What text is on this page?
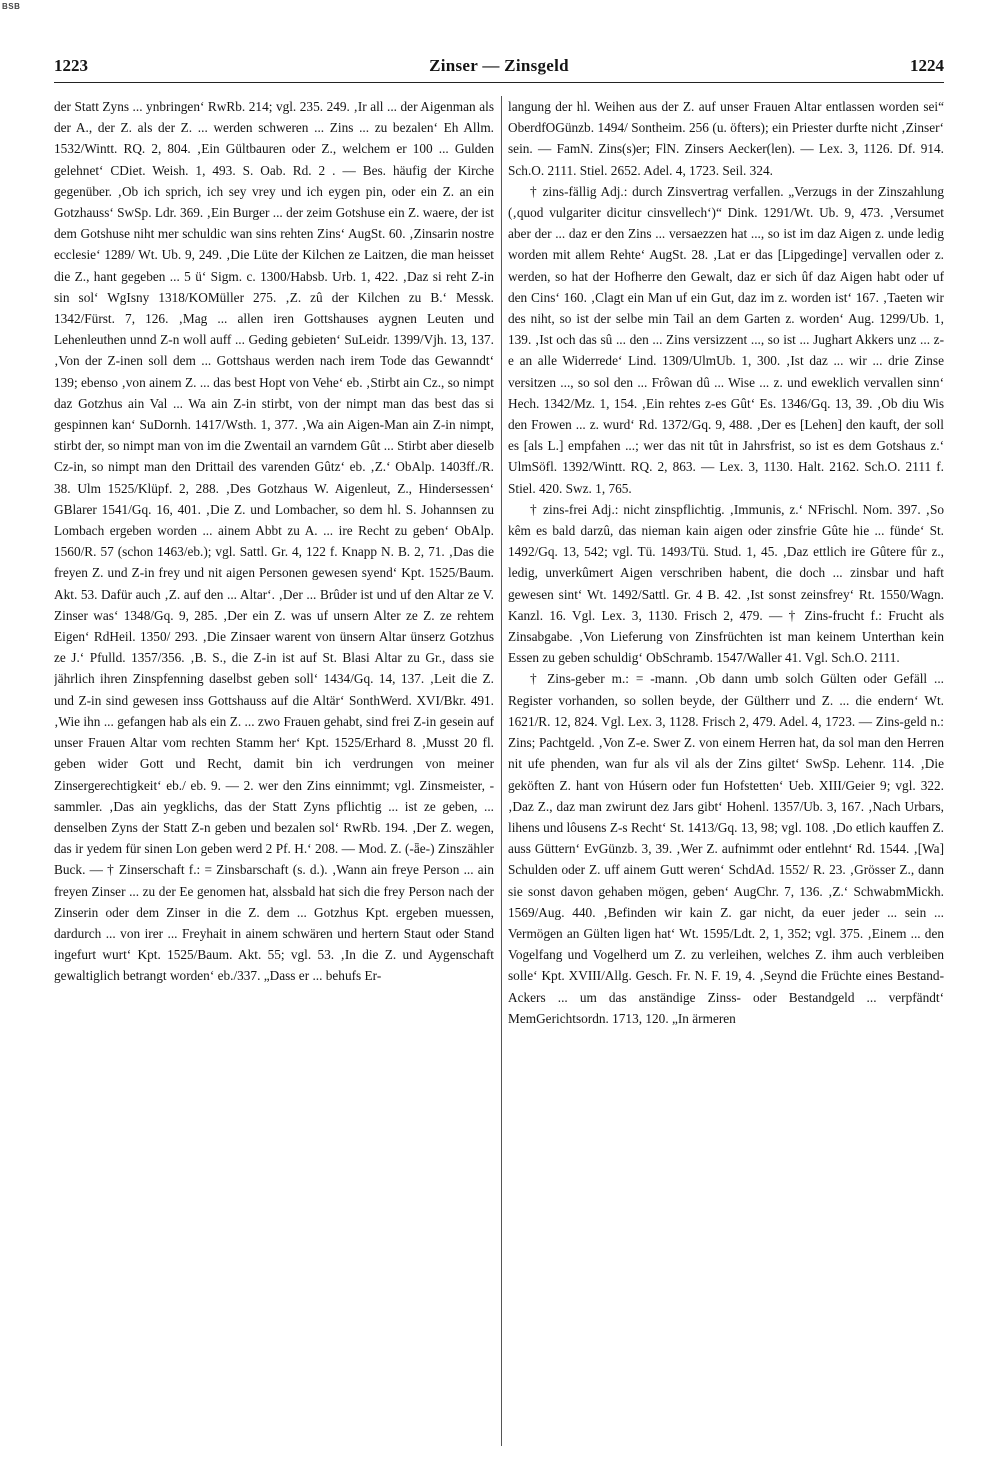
BSB
1223	Zinser — Zinsgeld	1224

der Statt Zyns ... ynbringen‘ RwRb. 214; vgl. 235. 249. ‚Ir all ... der Aigenman als der A., der Z. als der Z. ... werden schweren ... Zins ... zu bezalen‘ Eh Allm. 1532/Wintt. RQ. 2, 804. ‚Ein Gültbauren oder Z., welchem er 100 ... Gulden gelehnet‘ CDiet. Weish. 1, 493. S. Oab. Rd. 2 . — Bes. häufig der Kirche gegenüber. ‚Ob ich sprich, ich sey vrey und ich eygen pin, oder ein Z. an ein Gotzhauss‘ SwSp. Ldr. 369. ‚Ein Burger ... der zeim Gotshuse ein Z. waere, der ist dem Gotshuse niht mer schuldic wan sins rehten Zins‘ AugSt. 60. ‚Zinsarin nostre ecclesie‘ 1289/ Wt. Ub. 9, 249. ‚Die Lüte der Kilchen ze Laitzen, die man heisset die Z., hant gegeben ... 5 ü‘ Sigm. c. 1300/Habsb. Urb. 1, 422. ‚Daz si reht Z-in sin sol‘ WgIsny 1318/KOMüller 275. ‚Z. zû der Kilchen zu B.‘ Messk. 1342/Fürst. 7, 126. ‚Mag ... allen iren Gottshauses aygnen Leuten und Lehenleuthen unnd Z-n woll auff ... Geding gebieten‘ SuLeidr. 1399/Vjh. 13, 137. ‚Von der Z-inen soll dem ... Gottshaus werden nach irem Tode das Gewanndt‘ 139; ebenso ‚von ainem Z. ... das best Hopt von Vehe‘ eb. ‚Stirbt ain Cz., so nimpt daz Gotzhus ain Val ... Wa ain Z-in stirbt, von der nimpt man das best das si gespinnen kan‘ SuDornh. 1417/Wsth. 1, 377. ‚Wa ain Aigen-Man ain Z-in nimpt, stirbt der, so nimpt man von im die Zwentail an varndem Gût ... Stirbt aber dieselb Cz-in, so nimpt man den Drittail des varenden Gûtz‘ eb. ‚Z.‘ ObAlp. 1403ff./R. 38. Ulm 1525/Klüpf. 2, 288. ‚Des Gotzhaus W. Aigenleut, Z., Hindersessen‘ GBlarer 1541/Gq. 16, 401. ‚Die Z. und Lombacher, so dem hl. S. Johannsen zu Lombach ergeben worden ... ainem Abbt zu A. ... ire Recht zu geben‘ ObAlp. 1560/R. 57 (schon 1463/eb.); vgl. Sattl. Gr. 4, 122 f. Knapp N. B. 2, 71. ‚Das die freyen Z. und Z-in frey und nit aigen Personen gewesen syend‘ Kpt. 1525/Baum. Akt. 53. Dafür auch ‚Z. auf den ... Altar‘. ‚Der ... Brûder ist und uf den Altar ze V. Zinser was‘ 1348/Gq. 9, 285. ‚Der ein Z. was uf unsern Alter ze Z. ze rehtem Eigen‘ RdHeil. 1350/ 293. ‚Die Zinsaer warent von ünsern Altar ünserz Gotzhus ze J.‘ Pfulld. 1357/356. ‚B. S., die Z-in ist auf St. Blasi Altar zu Gr., dass sie jährlich ihren Zinspfenning daselbst geben soll‘ 1434/Gq. 14, 137. ‚Leit die Z. und Z-in sind gewesen inss Gottshauss auf die Altär‘ SonthWerd. XVI/Bkr. 491. ‚Wie ihn ... gefangen hab als ein Z. ... zwo Frauen gehabt, sind frei Z-in gesein auf unser Frauen Altar vom rechten Stamm her‘ Kpt. 1525/Erhard 8. ‚Musst 20 fl. geben wider Gott und Recht, damit bin ich verdrungen von meiner Zinsergerechtigkeit‘ eb./ eb. 9. — 2. wer den Zins einnimmt; vgl. Zinsmeister, -sammler. ‚Das ain yegklichs, das der Statt Zyns pflichtig ... ist ze geben, ... denselben Zyns der Statt Z-n geben und bezalen sol‘ RwRb. 194. ‚Der Z. wegen, das ir yedem für sinen Lon geben werd 2 Pf. H.‘ 208. — Mod. Z. (-ǟe-) Zinszähler Buck. — † Zinserschaft f.: = Zinsbarschaft (s. d.). ‚Wann ain freye Person ... ain freyen Zinser ... zu der Ee genomen hat, alssbald hat sich die frey Person nach der Zinserin oder dem Zinser in die Z. dem ... Gotzhus Kpt. ergeben muessen, dardurch ... von irer ... Freyhait in ainem schwären und hertern Staut oder Stand ingefurt wurt‘ Kpt. 1525/Baum. Akt. 55; vgl. 53. ‚In die Z. und Aygenschaft gewaltiglich betrangt worden‘ eb./337. „Dass er ... behufs Er-

langung der hl. Weihen aus der Z. auf unser Frauen Altar entlassen worden sei“ OberdfOGünzb. 1494/ Sontheim. 256 (u. öfters); ein Priester durfte nicht ‚Zinser‘ sein. — FamN. Zins(s)er; FlN. Zinsers Aecker(len). — Lex. 3, 1126. Df. 914. Sch.O. 2111. Stiel. 2652. Adel. 4, 1723. Seil. 324.

† zins-fällig Adj.: durch Zinsvertrag verfallen. „Verzugs in der Zinszahlung (‚quod vulgariter dicitur cinsvellech‘)“ Dink. 1291/Wt. Ub. 9, 473. ‚Versumet aber der ... daz er den Zins ... versaezzen hat ..., so ist im daz Aigen z. unde ledig worden mit allem Rehte‘ AugSt. 28. ‚Lat er das [Lipgedinge] vervallen oder z. werden, so hat der Hofherre den Gewalt, daz er sich ûf daz Aigen habt oder uf den Cins‘ 160. ‚Clagt ein Man uf ein Gut, daz im z. worden ist‘ 167. ‚Taeten wir des niht, so ist der selbe min Tail an dem Garten z. worden‘ Aug. 1299/Ub. 1, 139. ‚Ist och das sû ... den ... Zins versizzent ..., so ist ... Jughart Akkers unz ... z-e an alle Widerrede‘ Lind. 1309/UlmUb. 1, 300. ‚Ist daz ... wir ... drie Zinse versitzen ..., so sol den ... Frôwan dû ... Wise ... z. und eweklich vervallen sinn‘ Hech. 1342/Mz. 1, 154. ‚Ein rehtes z-es Gût‘ Es. 1346/Gq. 13, 39. ‚Ob diu Wis den Frowen ... z. wurd‘ Rd. 1372/Gq. 9, 488. ‚Der es [Lehen] den kauft, der soll es [als L.] empfahen ...; wer das nit tût in Jahrsfrist, so ist es dem Gotshaus z.‘ UlmSöfl. 1392/Wintt. RQ. 2, 863. — Lex. 3, 1130. Halt. 2162. Sch.O. 2111 f. Stiel. 420. Swz. 1, 765.

† zins-frei Adj.: nicht zinspflichtig. ‚Immunis, z.‘ NFrischl. Nom. 397. ‚So kêm es bald darzû, das nieman kain aigen oder zinsfrie Gûte hie ... fünde‘ St. 1492/Gq. 13, 542; vgl. Tü. 1493/Tü. Stud. 1, 45. ‚Daz ettlich ire Gûtere fûr z., ledig, unverkûmert Aigen verschriben habent, die doch ... zinsbar und haft gewesen sint‘ Wt. 1492/Sattl. Gr. 4 B. 42. ‚Ist sonst zeinsfrey‘ Rt. 1550/Wagn. Kanzl. 16. Vgl. Lex. 3, 1130. Frisch 2, 479. — † Zins-frucht f.: Frucht als Zinsabgabe. ‚Von Lieferung von Zinsfrüchten ist man keinem Unterthan kein Essen zu geben schuldig‘ ObSchramb. 1547/Waller 41. Vgl. Sch.O. 2111.

† Zins-geber m.: = -mann. ‚Ob dann umb solch Gülten oder Gefäll ... Register vorhanden, so sollen beyde, der Gültherr und Z. ... die endern‘ Wt. 1621/R. 12, 824. Vgl. Lex. 3, 1128. Frisch 2, 479. Adel. 4, 1723. — Zins-geld n.: Zins; Pachtgeld. ‚Von Z-e. Swer Z. von einem Herren hat, da sol man den Herren nit ufe phenden, wan fur als vil als der Zins giltet‘ SwSp. Lehenr. 114. ‚Die geköften Z. hant von Húsern oder fun Hofstetten‘ Ueb. XIII/Geier 9; vgl. 322. ‚Daz Z., daz man zwirunt dez Jars gibt‘ Hohenl. 1357/Ub. 3, 167. ‚Nach Urbars, lihens und lôusens Z-s Recht‘ St. 1413/Gq. 13, 98; vgl. 108. ‚Do etlich kauffen Z. auss Güttern‘ EvGünzb. 3, 39. ‚Wer Z. aufnimmt oder entlehnt‘ Rd. 1544. ‚[Wa] Schulden oder Z. uff ainem Gutt weren‘ SchdAd. 1552/ R. 23. ‚Grösser Z., dann sie sonst davon gehaben mögen, geben‘ AugChr. 7, 136. ‚Z.‘ SchwabmMickh. 1569/Aug. 440. ‚Befinden wir kain Z. gar nicht, da euer jeder ... sein ... Vermögen an Gülten ligen hat‘ Wt. 1595/Ldt. 2, 1, 352; vgl. 375. ‚Einem ... den Vogelfang und Vogelherd um Z. zu verleihen, welches Z. ihm auch verbleiben solle‘ Kpt. XVIII/Allg. Gesch. Fr. N. F. 19, 4. ‚Seynd die Früchte eines Bestand-Ackers ... um das anständige Zinss- oder Bestandgeld ... verpfändt‘ MemGerichtsordn. 1713, 120. „In ärmeren
